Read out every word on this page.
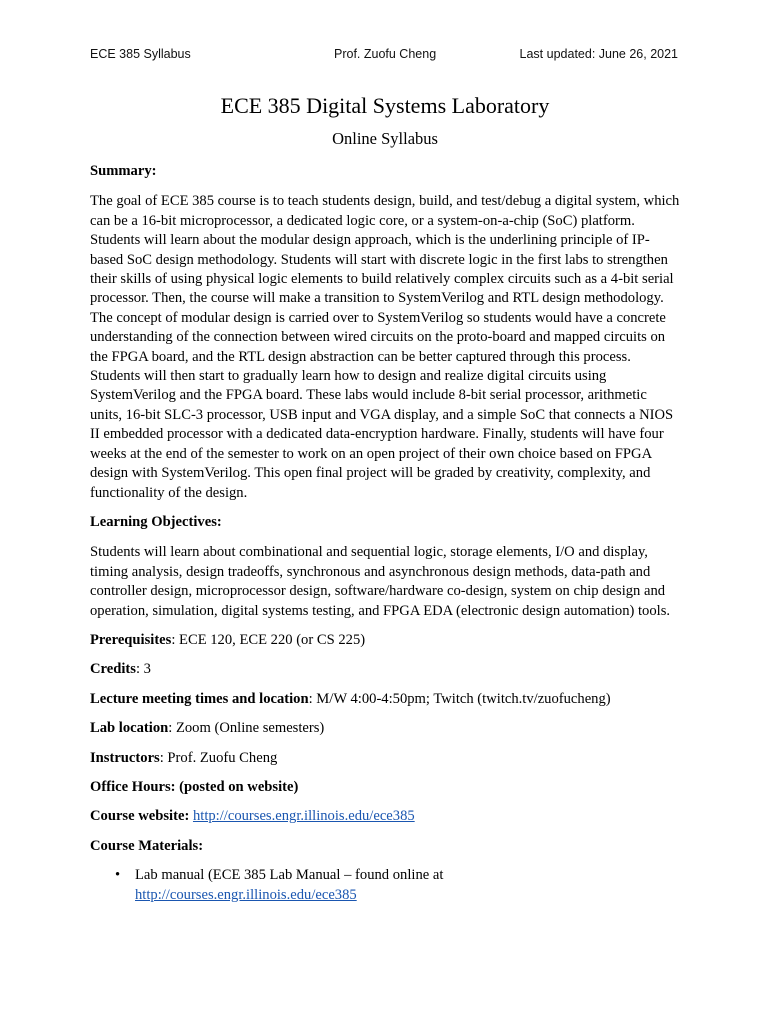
ECE 385 Syllabus	Prof. Zuofu Cheng	Last updated: June 26, 2021
ECE 385 Digital Systems Laboratory
Online Syllabus
Summary:
The goal of ECE 385 course is to teach students design, build, and test/debug a digital system, which can be a 16-bit microprocessor, a dedicated logic core, or a system-on-a-chip (SoC) platform. Students will learn about the modular design approach, which is the underlining principle of IP-based SoC design methodology. Students will start with discrete logic in the first labs to strengthen their skills of using physical logic elements to build relatively complex circuits such as a 4-bit serial processor. Then, the course will make a transition to SystemVerilog and RTL design methodology. The concept of modular design is carried over to SystemVerilog so students would have a concrete understanding of the connection between wired circuits on the proto-board and mapped circuits on the FPGA board, and the RTL design abstraction can be better captured through this process. Students will then start to gradually learn how to design and realize digital circuits using SystemVerilog and the FPGA board. These labs would include 8-bit serial processor, arithmetic units, 16-bit SLC-3 processor, USB input and VGA display, and a simple SoC that connects a NIOS II embedded processor with a dedicated data-encryption hardware. Finally, students will have four weeks at the end of the semester to work on an open project of their own choice based on FPGA design with SystemVerilog. This open final project will be graded by creativity, complexity, and functionality of the design.
Learning Objectives:
Students will learn about combinational and sequential logic, storage elements, I/O and display, timing analysis, design tradeoffs, synchronous and asynchronous design methods, data-path and controller design, microprocessor design, software/hardware co-design, system on chip design and operation, simulation, digital systems testing, and FPGA EDA (electronic design automation) tools.
Prerequisites: ECE 120, ECE 220 (or CS 225)
Credits: 3
Lecture meeting times and location: M/W 4:00-4:50pm; Twitch (twitch.tv/zuofucheng)
Lab location: Zoom (Online semesters)
Instructors: Prof. Zuofu Cheng
Office Hours: (posted on website)
Course website: http://courses.engr.illinois.edu/ece385
Course Materials:
• Lab manual (ECE 385 Lab Manual – found online at
http://courses.engr.illinois.edu/ece385
